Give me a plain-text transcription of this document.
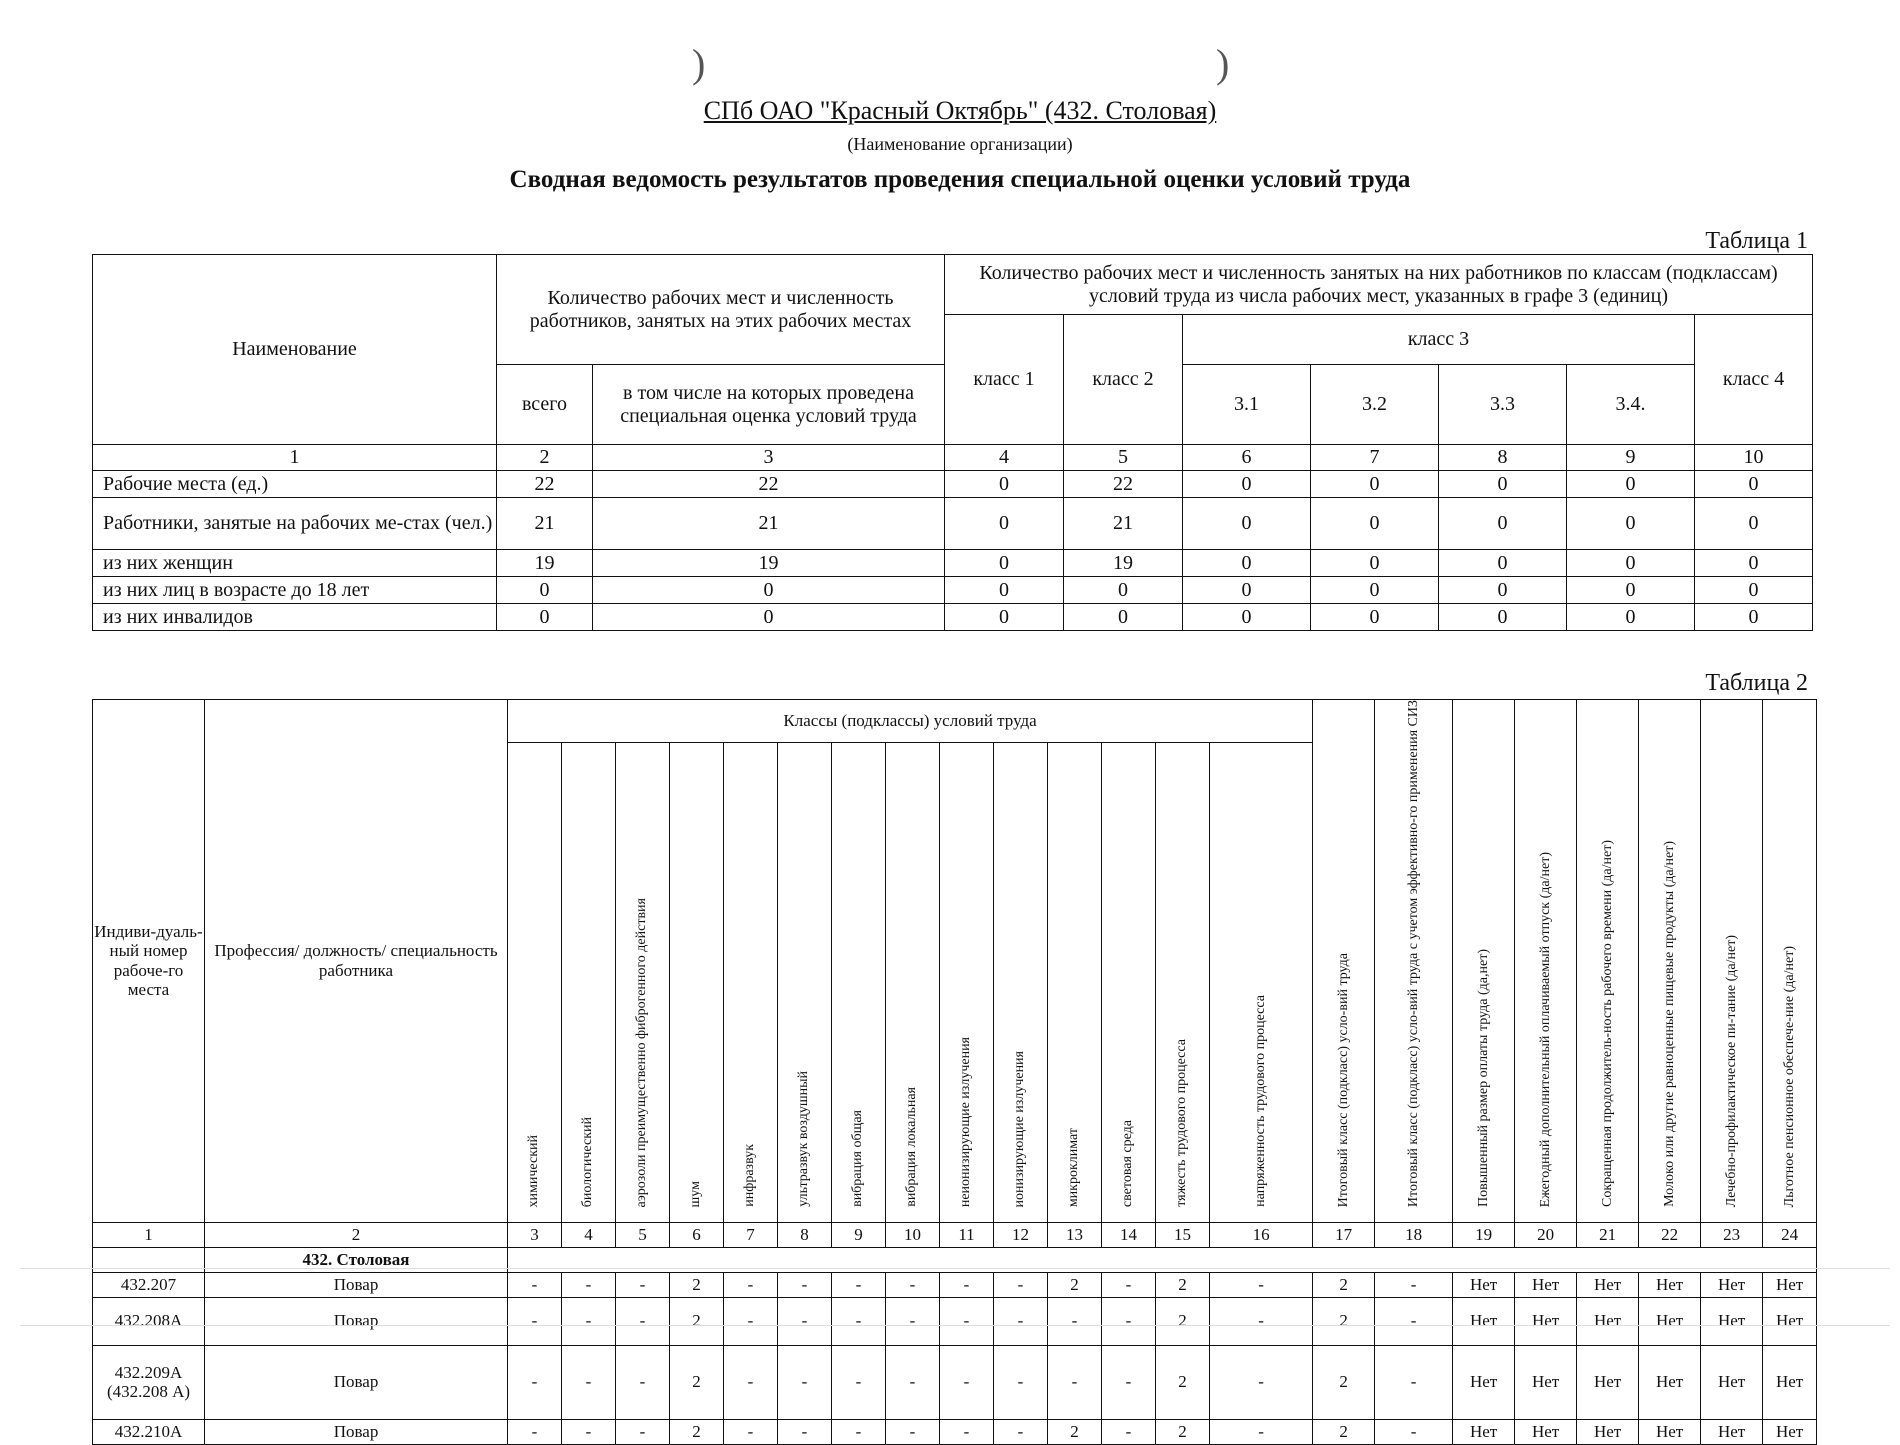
)	)
СПб ОАО "Красный Октябрь" (432. Столовая)
(Наименование организации)
Сводная ведомость результатов проведения специальной оценки условий труда
Таблица 1
Наименование	Количество рабочих мест и численность работников, занятых на этих рабочих местах		Количество рабочих мест и численность занятых на них работников по классам (подклассам) условий труда из числа рабочих мест, указанных в графе 3 (единиц)						
			класс 1	класс 2	класс 3				класс 4
	всего	в том числе на которых проведена специальная оценка условий труда			3.1	3.2	3.3	3.4.	
1	2	3	4	5	6	7	8	9	10
Рабочие места (ед.)	22	22	0	22	0	0	0	0	0
Работники, занятые на рабочих ме-стах (чел.)	21	21	0	21	0	0	0	0	0
из них женщин	19	19	0	19	0	0	0	0	0
из них лиц в возрасте до 18 лет	0	0	0	0	0	0	0	0	0
из них инвалидов	0	0	0	0	0	0	0	0	0
Таблица 2
Индиви-дуаль-ный номер рабоче-го места	Профессия/ должность/ специальность работника	Классы (подклассы) условий труда														Итоговый класс (подкласс) усло-вий труда	Итоговый класс (подкласс) усло-вий труда с учетом эффективно-го применения СИЗ	Повышенный размер оплаты труда (да,нет)	Ежегодный дополнительный оплачиваемый отпуск (да/нет)	Сокращенная продолжитель-ность рабочего времени (да/нет)	Молоко или другие равноценные пищевые продукты (да/нет)	Лечебно-профилактическое пи-тание (да/нет)	Льготное пенсионное обеспече-ние (да/нет)
		химический	биологический	аэрозоли преимущественно фиброгенного действия	шум	инфразвук	ультразвук воздушный	вибрация общая	вибрация локальная	неионизирующие излучения	ионизирующие излучения	микроклимат	световая среда	тяжесть трудового процесса	напряженность трудового процесса								
1	2	3	4	5	6	7	8	9	10	11	12	13	14	15	16	17	18	19	20	21	22	23	24
	432. Столовая																						
432.207	Повар	-	-	-	2	-	-	-	-	-	-	2	-	2	-	2	-	Нет	Нет	Нет	Нет	Нет	Нет
432.208А	Повар	-	-	-	2	-	-	-	-	-	-	-	-	2	-	2	-	Нет	Нет	Нет	Нет	Нет	Нет
432.209А (432.208 А)	Повар	-	-	-	2	-	-	-	-	-	-	-	-	2	-	2	-	Нет	Нет	Нет	Нет	Нет	Нет
432.210А	Повар	-	-	-	2	-	-	-	-	-	-	2	-	2	-	2	-	Нет	Нет	Нет	Нет	Нет	Нет
